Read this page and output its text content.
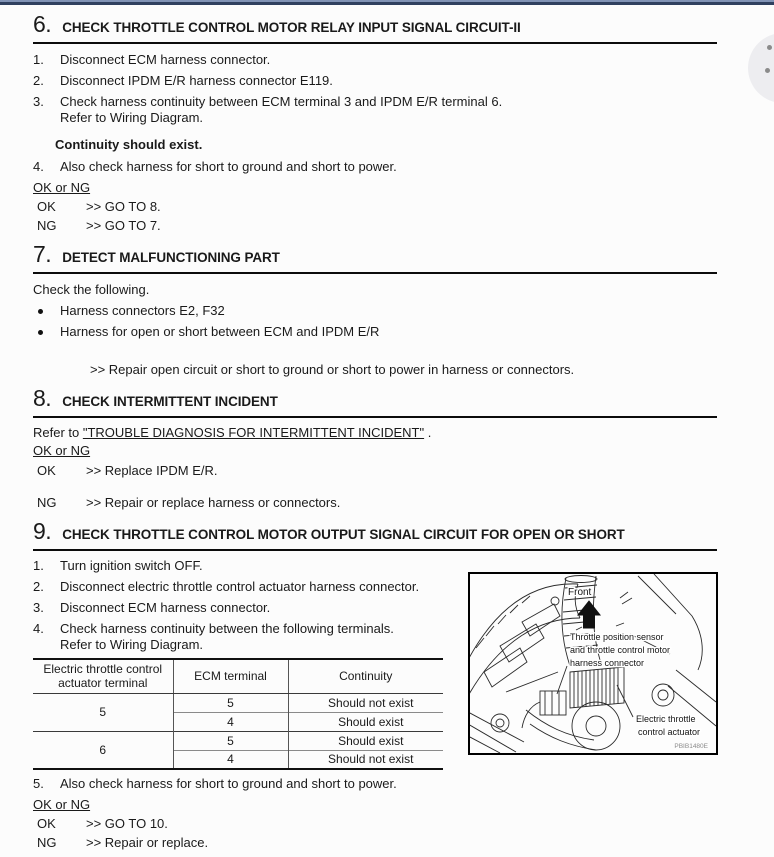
6. CHECK THROTTLE CONTROL MOTOR RELAY INPUT SIGNAL CIRCUIT-II
1.	Disconnect ECM harness connector.
2.	Disconnect IPDM E/R harness connector E119.
3.	Check harness continuity between ECM terminal 3 and IPDM E/R terminal 6.
Refer to Wiring Diagram.
Continuity should exist.
4.	Also check harness for short to ground and short to power.
OK or NG
OK	>> GO TO 8.
NG	>> GO TO 7.
7. DETECT MALFUNCTIONING PART
Check the following.
Harness connectors E2, F32
Harness for open or short between ECM and IPDM E/R
>> Repair open circuit or short to ground or short to power in harness or connectors.
8. CHECK INTERMITTENT INCIDENT
Refer to "TROUBLE DIAGNOSIS FOR INTERMITTENT INCIDENT" .
OK or NG
OK	>> Replace IPDM E/R.
NG	>> Repair or replace harness or connectors.
9. CHECK THROTTLE CONTROL MOTOR OUTPUT SIGNAL CIRCUIT FOR OPEN OR SHORT
1.	Turn ignition switch OFF.
2.	Disconnect electric throttle control actuator harness connector.
3.	Disconnect ECM harness connector.
4.	Check harness continuity between the following terminals.
Refer to Wiring Diagram.
Electric throttle control actuator terminal	ECM terminal	Continuity
5	5	Should not exist
	4	Should exist
6	5	Should exist
	4	Should not exist
Front
Throttle position sensor
and throttle control motor
harness connector
Electric throttle
control actuator
PBIB1480E
5.	Also check harness for short to ground and short to power.
OK or NG
OK	>> GO TO 10.
NG	>> Repair or replace.
